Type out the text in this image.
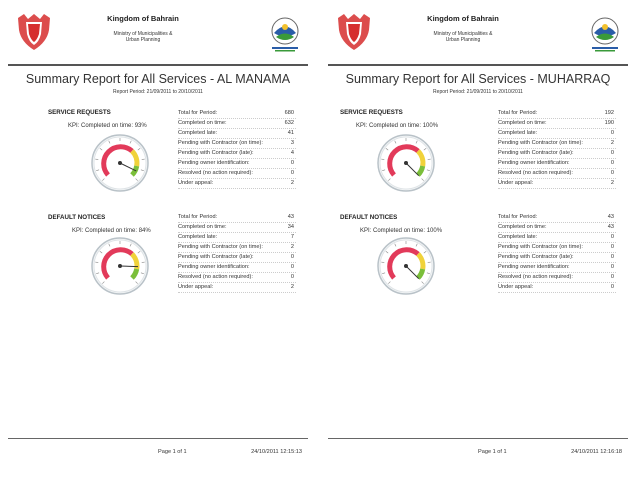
Kingdom of Bahrain
Ministry of Municipalities &
Urban Planning
Summary Report for All Services - AL MANAMA
Report Period: 21/09/2011 to 20/10/2011
SERVICE REQUESTS
KPI: Completed on time: 93%
Total for Period:	680
Completed on time:	632
Completed late:	41
Pending with Contractor (on time):	3
Pending with Contractor (late):	4
Pending owner identification:	0
Resolved (no action required):	0
Under appeal:	2
DEFAULT NOTICES
KPI: Completed on time: 84%
Total for Period:	43
Completed on time:	34
Completed late:	7
Pending with Contractor (on time):	2
Pending with Contractor (late):	0
Pending owner identification:	0
Resolved (no action required):	0
Under appeal:	2
Page 1 of 1	24/10/2011 12:15:13
Kingdom of Bahrain
Ministry of Municipalities &
Urban Planning
Summary Report for All Services - MUHARRAQ
Report Period: 21/09/2011 to 20/10/2011
SERVICE REQUESTS
KPI: Completed on time: 100%
Total for Period:	192
Completed on time:	190
Completed late:	0
Pending with Contractor (on time):	2
Pending with Contractor (late):	0
Pending owner identification:	0
Resolved (no action required):	0
Under appeal:	2
DEFAULT NOTICES
KPI: Completed on time: 100%
Total for Period:	43
Completed on time:	43
Completed late:	0
Pending with Contractor (on time):	0
Pending with Contractor (late):	0
Pending owner identification:	0
Resolved (no action required):	0
Under appeal:	0
Page 1 of 1	24/10/2011 12:16:18
